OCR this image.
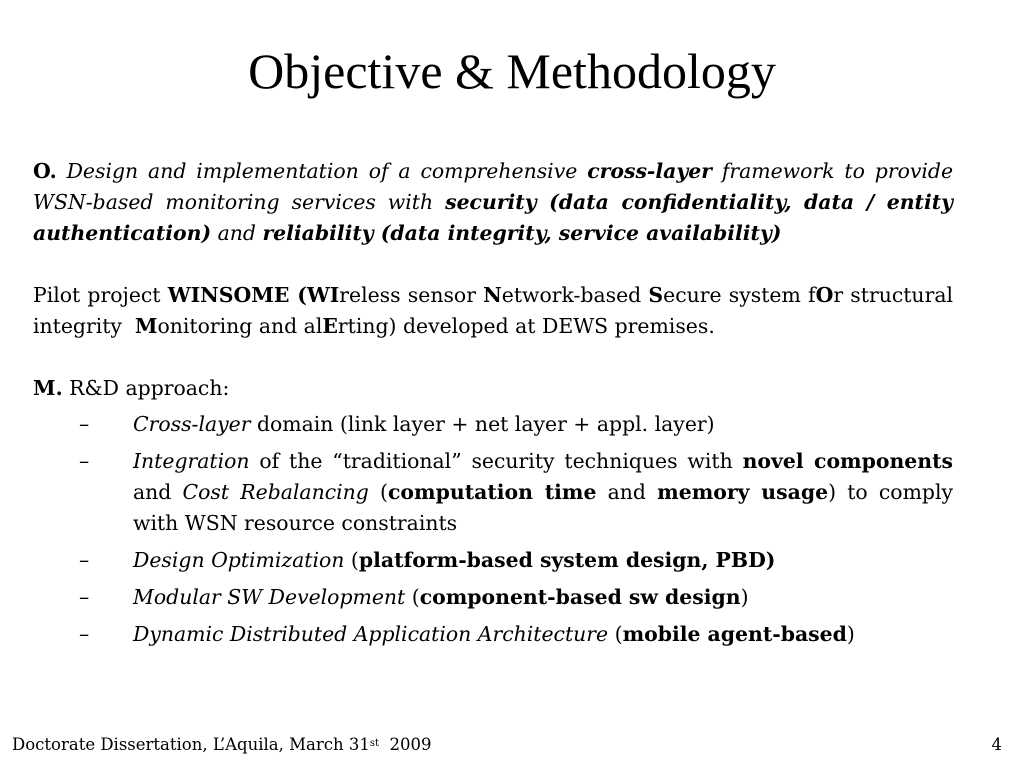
Objective & Methodology

O. Design and implementation of a comprehensive cross-layer framework to provide WSN-based monitoring services with security (data confidentiality, data / entity authentication) and reliability (data integrity, service availability)

Pilot project WINSOME (WIreless sensor Network-based Secure system fOr structural integrity  Monitoring and alErting) developed at DEWS premises.

M. R&D approach:

– Cross-layer domain (link layer + net layer + appl. layer)
– Integration of the “traditional” security techniques with novel components and Cost Rebalancing (computation time and memory usage) to comply with WSN resource constraints
– Design Optimization (platform-based system design, PBD)
– Modular SW Development (component-based sw design)
– Dynamic Distributed Application Architecture (mobile agent-based)
Doctorate Dissertation, L’Aquila, March 31st  2009	4
